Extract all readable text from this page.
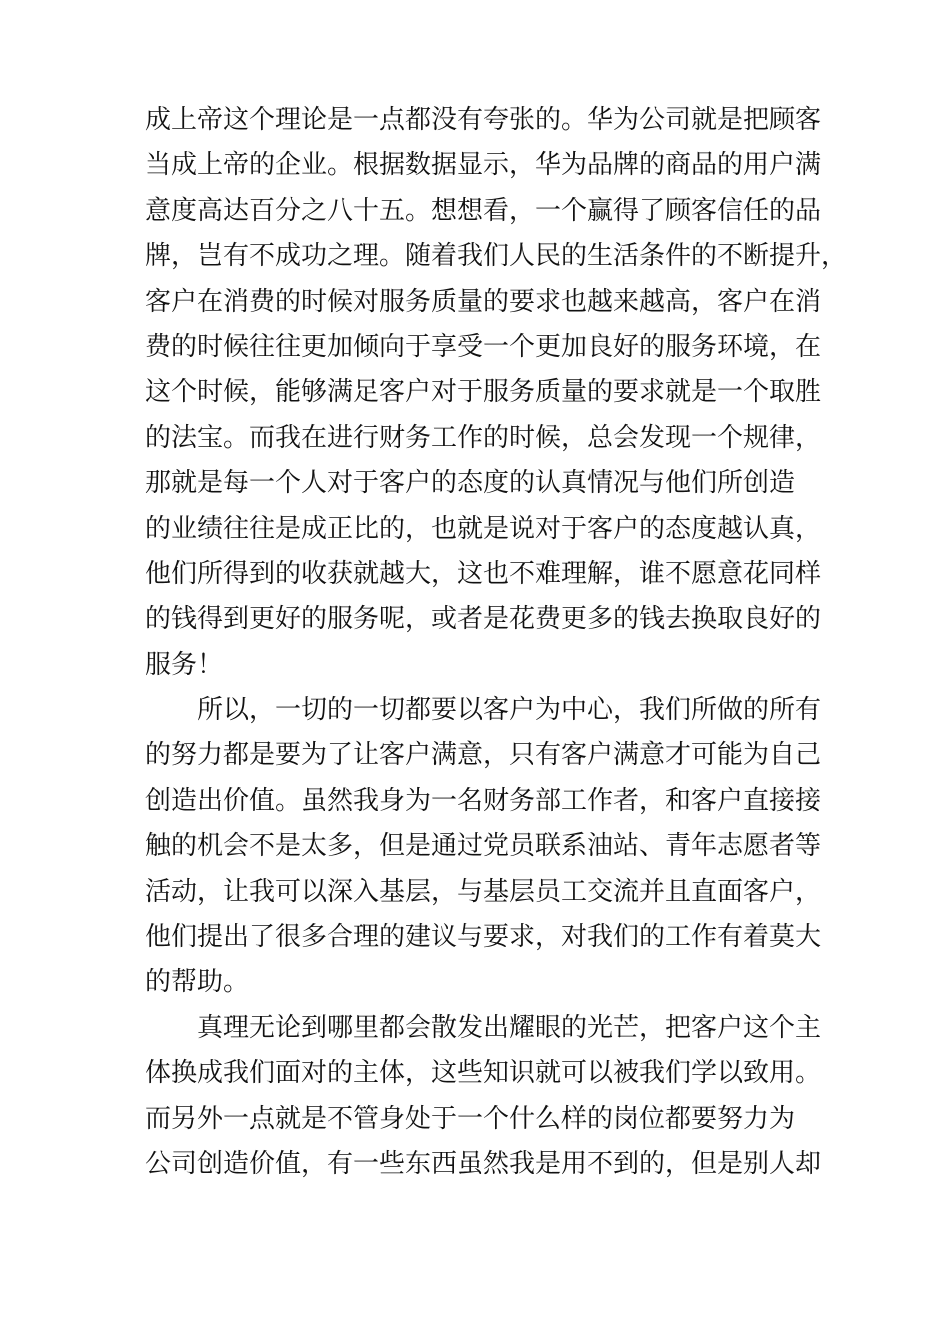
成上帝这个理论是一点都没有夸张的。华为公司就是把顾客
当成上帝的企业。根据数据显示，华为品牌的商品的用户满
意度高达百分之八十五。想想看，一个赢得了顾客信任的品
牌，岂有不成功之理。随着我们人民的生活条件的不断提升，
客户在消费的时候对服务质量的要求也越来越高，客户在消
费的时候往往更加倾向于享受一个更加良好的服务环境，在
这个时候，能够满足客户对于服务质量的要求就是一个取胜
的法宝。而我在进行财务工作的时候，总会发现一个规律，
那就是每一个人对于客户的态度的认真情况与他们所创造
的业绩往往是成正比的，也就是说对于客户的态度越认真，
他们所得到的收获就越大，这也不难理解，谁不愿意花同样
的钱得到更好的服务呢，或者是花费更多的钱去换取良好的
服务！
所以，一切的一切都要以客户为中心，我们所做的所有
的努力都是要为了让客户满意，只有客户满意才可能为自己
创造出价值。虽然我身为一名财务部工作者，和客户直接接
触的机会不是太多，但是通过党员联系油站、青年志愿者等
活动，让我可以深入基层，与基层员工交流并且直面客户，
他们提出了很多合理的建议与要求，对我们的工作有着莫大
的帮助。
真理无论到哪里都会散发出耀眼的光芒，把客户这个主
体换成我们面对的主体，这些知识就可以被我们学以致用。
而另外一点就是不管身处于一个什么样的岗位都要努力为
公司创造价值，有一些东西虽然我是用不到的，但是别人却
